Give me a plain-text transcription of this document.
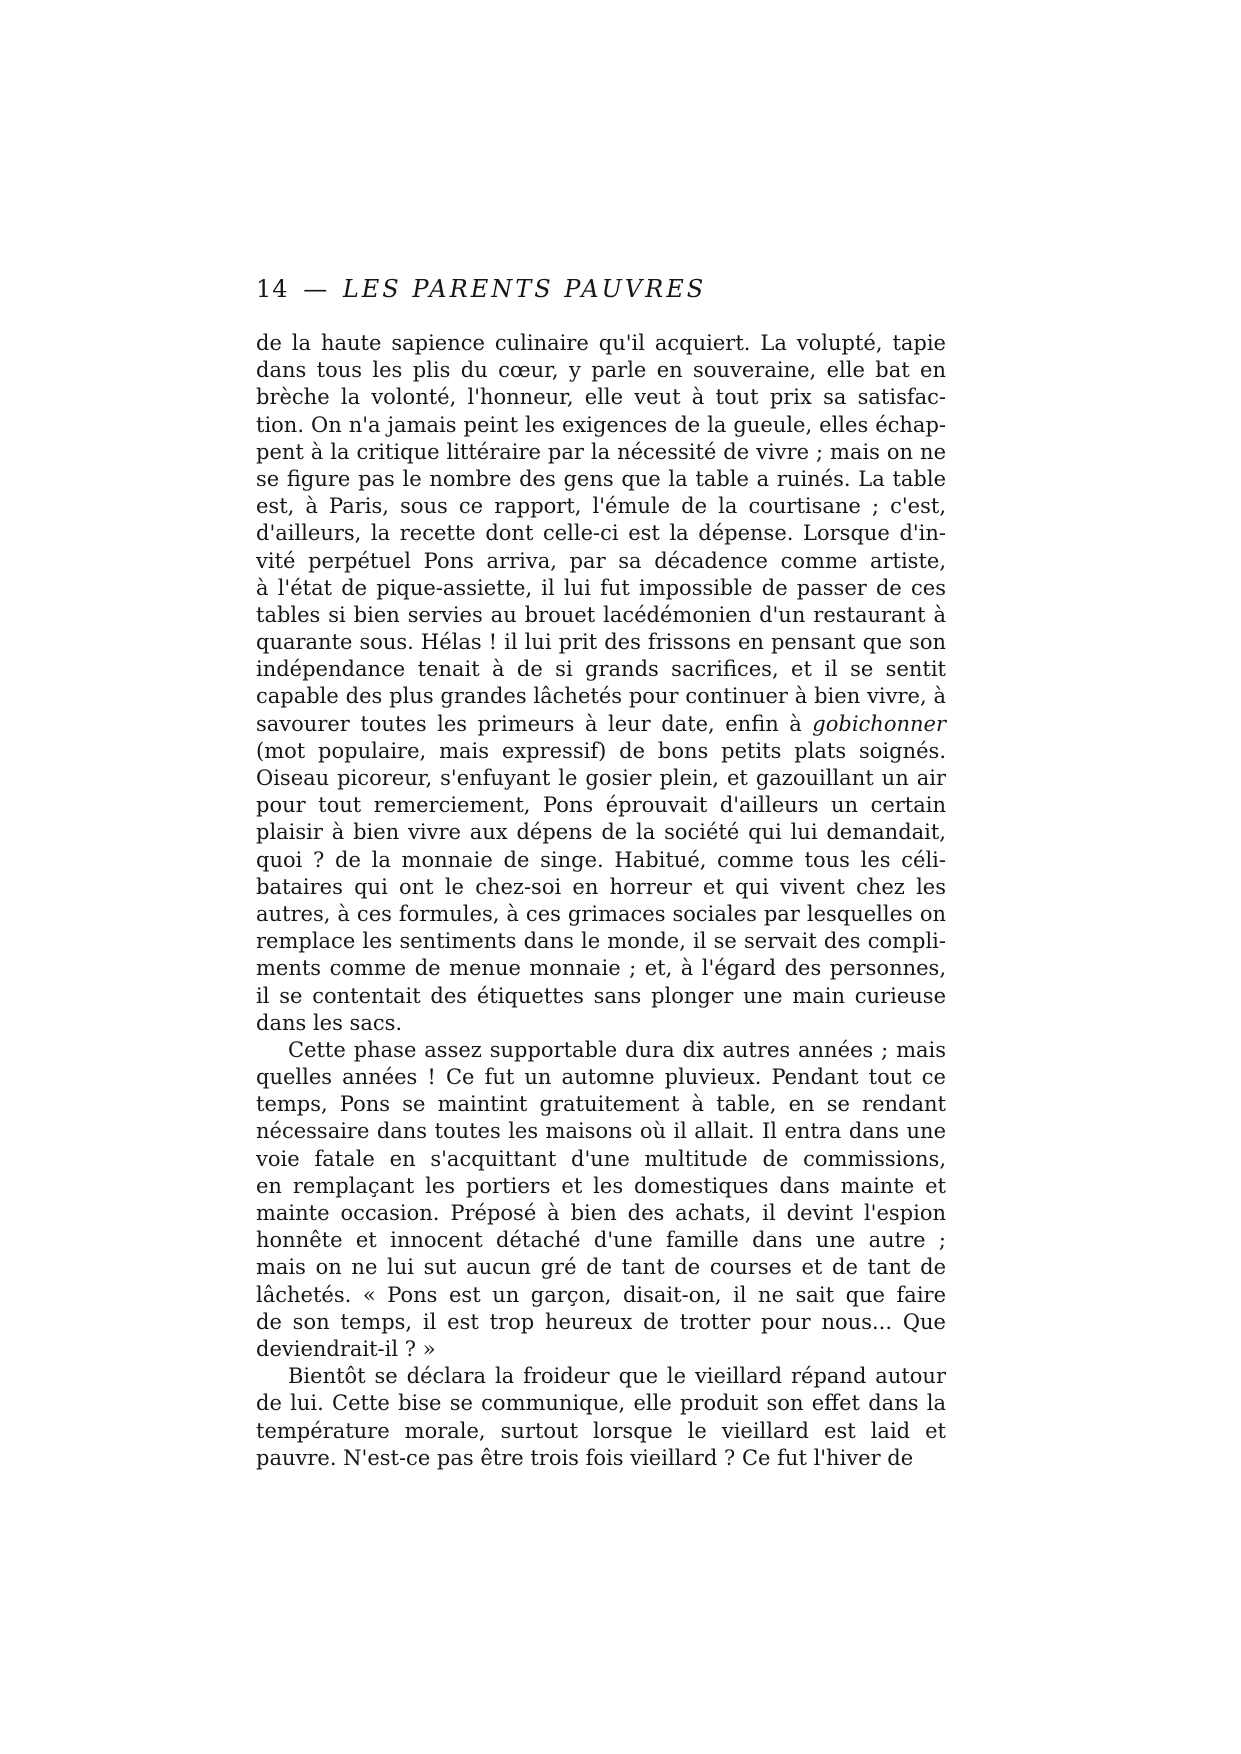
14 — LES PARENTS PAUVRES
de la haute sapience culinaire qu'il acquiert. La volupté, tapie
dans tous les plis du cœur, y parle en souveraine, elle bat en
brèche la volonté, l'honneur, elle veut à tout prix sa satisfac-
tion. On n'a jamais peint les exigences de la gueule, elles échap-
pent à la critique littéraire par la nécessité de vivre ; mais on ne
se figure pas le nombre des gens que la table a ruinés. La table
est, à Paris, sous ce rapport, l'émule de la courtisane ; c'est,
d'ailleurs, la recette dont celle-ci est la dépense. Lorsque d'in-
vité perpétuel Pons arriva, par sa décadence comme artiste,
à l'état de pique-assiette, il lui fut impossible de passer de ces
tables si bien servies au brouet lacédémonien d'un restaurant à
quarante sous. Hélas ! il lui prit des frissons en pensant que son
indépendance tenait à de si grands sacrifices, et il se sentit
capable des plus grandes lâchetés pour continuer à bien vivre, à
savourer toutes les primeurs à leur date, enfin à gobichonner
(mot populaire, mais expressif) de bons petits plats soignés.
Oiseau picoreur, s'enfuyant le gosier plein, et gazouillant un air
pour tout remerciement, Pons éprouvait d'ailleurs un certain
plaisir à bien vivre aux dépens de la société qui lui demandait,
quoi ? de la monnaie de singe. Habitué, comme tous les céli-
bataires qui ont le chez-soi en horreur et qui vivent chez les
autres, à ces formules, à ces grimaces sociales par lesquelles on
remplace les sentiments dans le monde, il se servait des compli-
ments comme de menue monnaie ; et, à l'égard des personnes,
il se contentait des étiquettes sans plonger une main curieuse
dans les sacs.
Cette phase assez supportable dura dix autres années ; mais
quelles années ! Ce fut un automne pluvieux. Pendant tout ce
temps, Pons se maintint gratuitement à table, en se rendant
nécessaire dans toutes les maisons où il allait. Il entra dans une
voie fatale en s'acquittant d'une multitude de commissions,
en remplaçant les portiers et les domestiques dans mainte et
mainte occasion. Préposé à bien des achats, il devint l'espion
honnête et innocent détaché d'une famille dans une autre ;
mais on ne lui sut aucun gré de tant de courses et de tant de
lâchetés. « Pons est un garçon, disait-on, il ne sait que faire
de son temps, il est trop heureux de trotter pour nous... Que
deviendrait-il ? »
Bientôt se déclara la froideur que le vieillard répand autour
de lui. Cette bise se communique, elle produit son effet dans la
température morale, surtout lorsque le vieillard est laid et
pauvre. N'est-ce pas être trois fois vieillard ? Ce fut l'hiver de
